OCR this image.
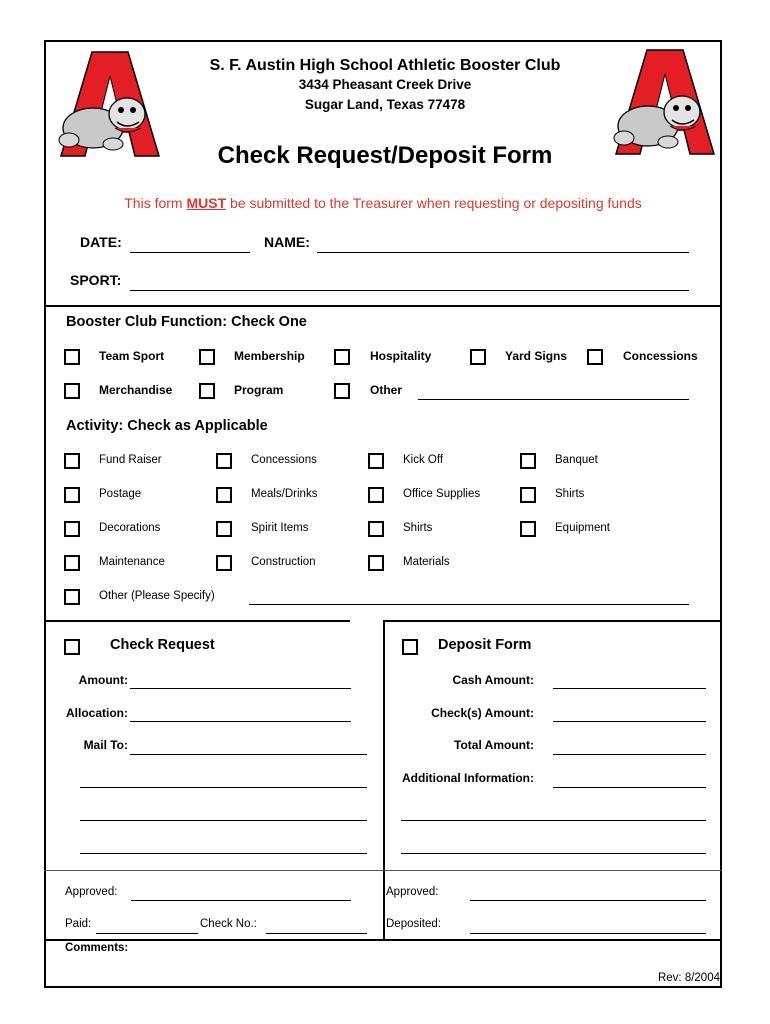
S. F. Austin High School Athletic Booster Club
3434 Pheasant Creek Drive
Sugar Land, Texas 77478
Check Request/Deposit Form
This form MUST be submitted to the Treasurer when requesting or depositing funds
DATE:	NAME:
SPORT:
Booster Club Function: Check One
Team Sport	Membership	Hospitality	Yard Signs	Concessions
Merchandise	Program	Other
Activity: Check as Applicable
Fund Raiser	Concessions	Kick Off	Banquet
Postage	Meals/Drinks	Office Supplies	Shirts
Decorations	Spirit Items	Shirts	Equipment
Maintenance	Construction	Materials
Other (Please Specify)
Check Request
Amount:
Allocation:
Mail To:
Deposit Form
Cash Amount:
Check(s) Amount:
Total Amount:
Additional Information:
Approved:	Approved:
Paid:	Check No.:	Deposited:
Comments:
Rev: 8/2004
